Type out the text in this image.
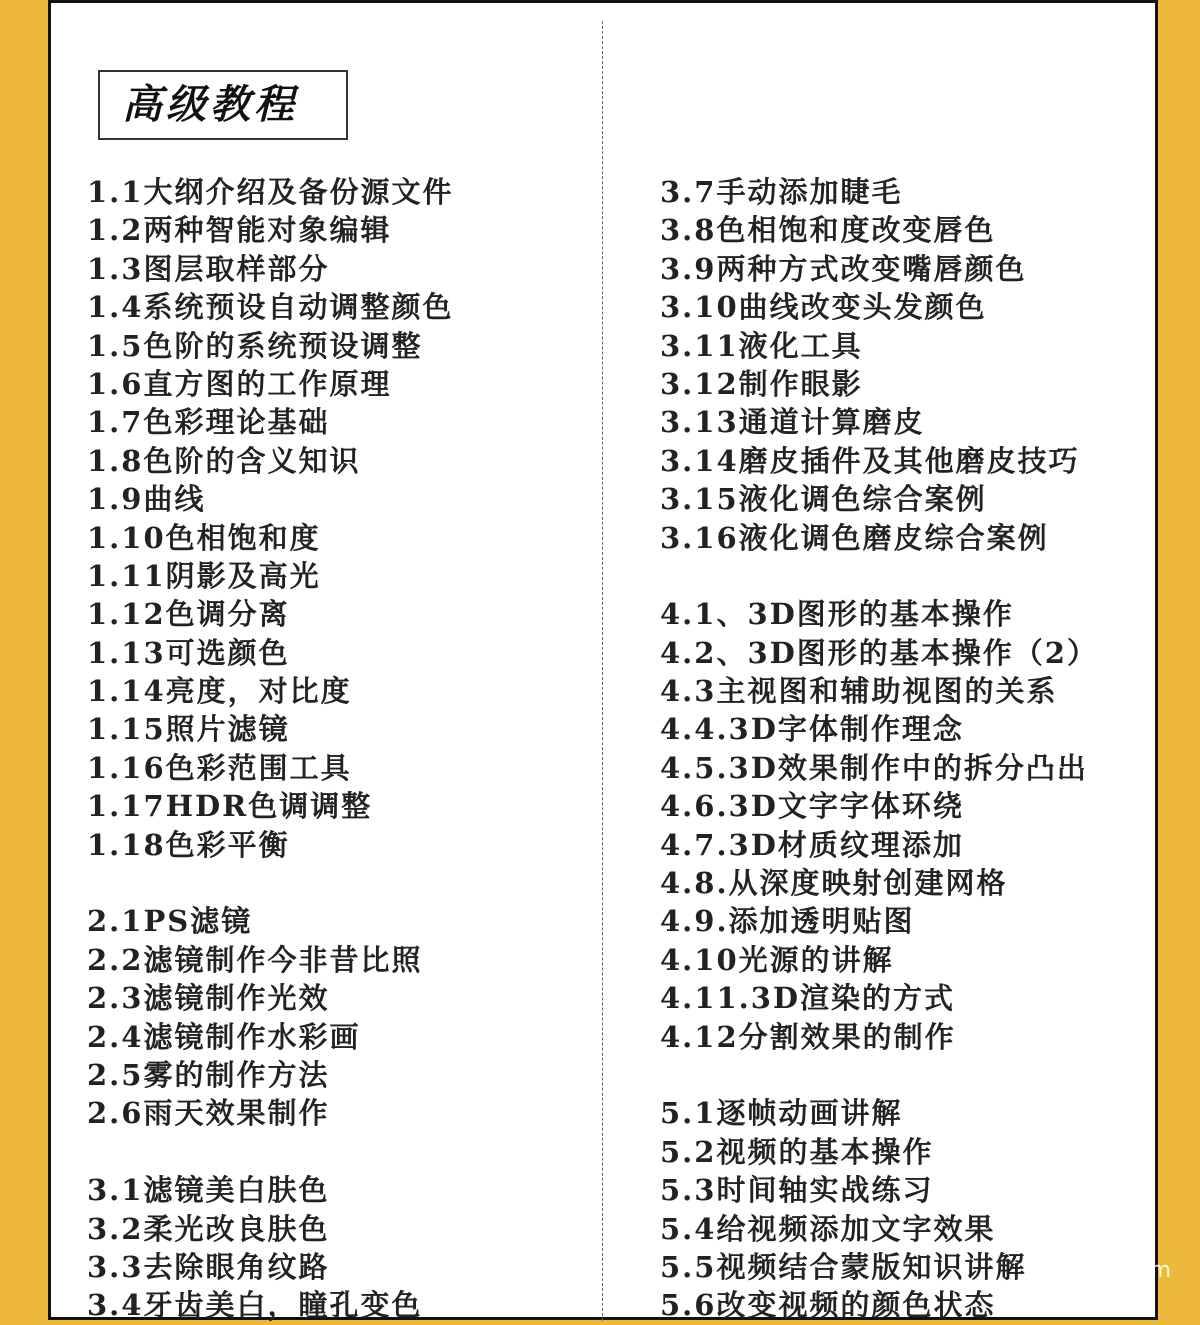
高级教程
1.1大纲介绍及备份源文件
1.2两种智能对象编辑
1.3图层取样部分
1.4系统预设自动调整颜色
1.5色阶的系统预设调整
1.6直方图的工作原理
1.7色彩理论基础
1.8色阶的含义知识
1.9曲线
1.10色相饱和度
1.11阴影及高光
1.12色调分离
1.13可选颜色
1.14亮度，对比度
1.15照片滤镜
1.16色彩范围工具
1.17HDR色调调整
1.18色彩平衡
2.1PS滤镜
2.2滤镜制作今非昔比照
2.3滤镜制作光效
2.4滤镜制作水彩画
2.5雾的制作方法
2.6雨天效果制作
3.1滤镜美白肤色
3.2柔光改良肤色
3.3去除眼角纹路
3.4牙齿美白，瞳孔变色
3.7手动添加睫毛
3.8色相饱和度改变唇色
3.9两种方式改变嘴唇颜色
3.10曲线改变头发颜色
3.11液化工具
3.12制作眼影
3.13通道计算磨皮
3.14磨皮插件及其他磨皮技巧
3.15液化调色综合案例
3.16液化调色磨皮综合案例
4.1、3D图形的基本操作
4.2、3D图形的基本操作（2）
4.3主视图和辅助视图的关系
4.4.3D字体制作理念
4.5.3D效果制作中的拆分凸出
4.6.3D文字字体环绕
4.7.3D材质纹理添加
4.8.从深度映射创建网格
4.9.添加透明贴图
4.10光源的讲解
4.11.3D渲染的方式
4.12分割效果的制作
5.1逐帧动画讲解
5.2视频的基本操作
5.3时间轴实战练习
5.4给视频添加文字效果
5.5视频结合蒙版知识讲解
5.6改变视频的颜色状态
m
